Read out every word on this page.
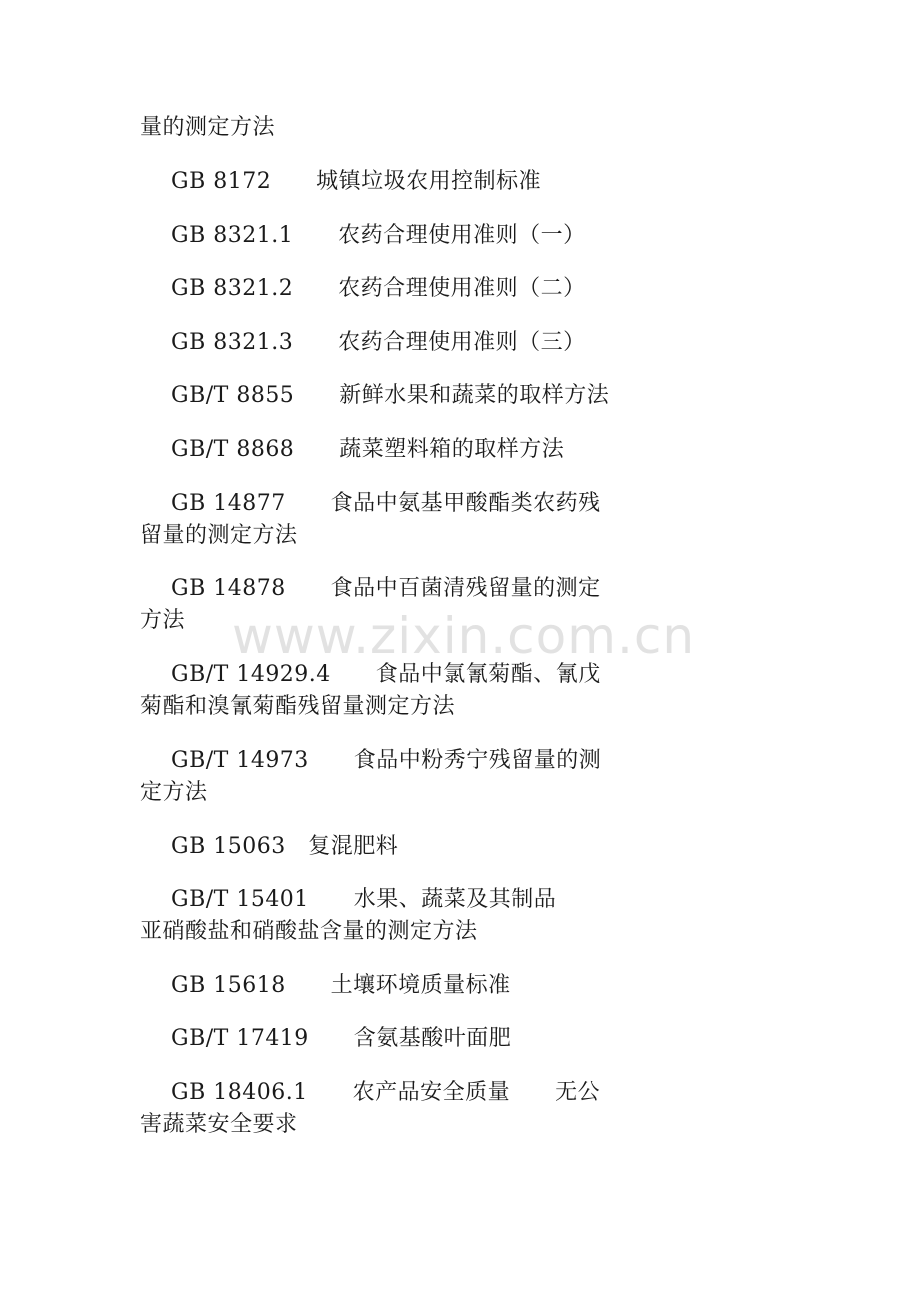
量的测定方法
GB 8172      城镇垃圾农用控制标准
GB 8321.1      农药合理使用准则（一）
GB 8321.2      农药合理使用准则（二）
GB 8321.3      农药合理使用准则（三）
GB/T 8855      新鲜水果和蔬菜的取样方法
GB/T 8868      蔬菜塑料箱的取样方法
GB 14877      食品中氨基甲酸酯类农药残
留量的测定方法
GB 14878      食品中百菌清残留量的测定
方法
GB/T 14929.4      食品中氯氰菊酯、氰戊
菊酯和溴氰菊酯残留量测定方法
GB/T 14973      食品中粉秀宁残留量的测
定方法
GB 15063   复混肥料
GB/T 15401      水果、蔬菜及其制品
亚硝酸盐和硝酸盐含量的测定方法
GB 15618      土壤环境质量标准
GB/T 17419      含氨基酸叶面肥
GB 18406.1      农产品安全质量      无公
害蔬菜安全要求
www.zixin.com.cn
